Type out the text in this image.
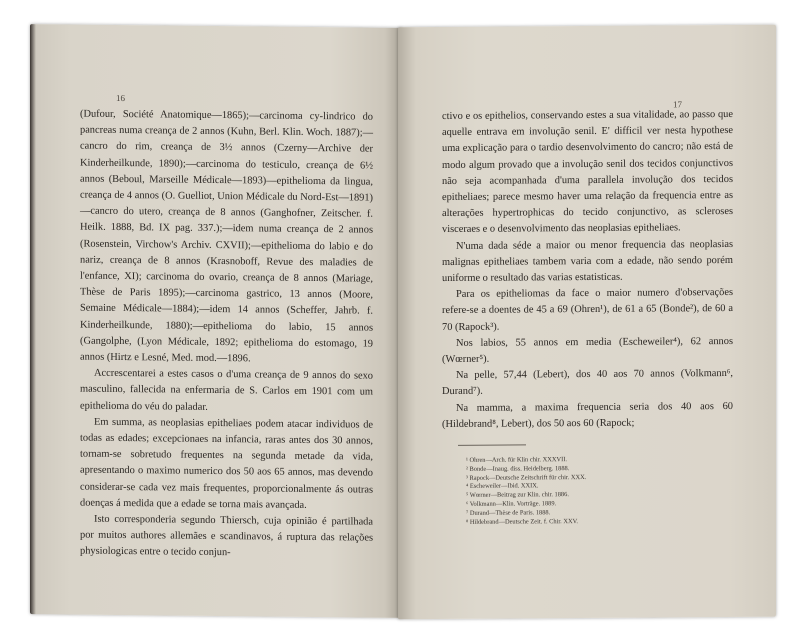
16

(Dufour, Société Anatomique—1865);—carcinoma cy-lindrico do pancreas numa creança de 2 annos (Kuhn, Berl. Klin. Woch. 1887);—cancro do rim, creança de 3½ annos (Czerny—Archive der Kinderheilkunde, 1890);—carcinoma do testiculo, creança de 6½ annos (Beboul, Marseille Médicale—1893)—epithelioma da lingua, creança de 4 annos (O. Guelliot, Union Médicale du Nord-Est—1891)—cancro do utero, creança de 8 annos (Ganghofner, Zeitscher. f. Heilk. 1888, Bd. IX pag. 337.);—idem numa creança de 2 annos (Rosenstein, Virchow's Archiv. CXVII);—epithelioma do labio e do nariz, creança de 8 annos (Krasnoboff, Revue des maladies de l'enfance, XI); carcinoma do ovario, creança de 8 annos (Mariage, Thèse de Paris 1895);—carcinoma gastrico, 13 annos (Moore, Semaine Médicale—1884);—idem 14 annos (Scheffer, Jahrb. f. Kinderheilkunde, 1880);—epithelioma do labio, 15 annos (Gangolphe, (Lyon Médicale, 1892; epithelioma do estomago, 19 annos (Hirtz e Lesné, Med. mod.—1896.

Accrescentarei a estes casos o d'uma creança de 9 annos do sexo masculino, fallecida na enfermaria de S. Carlos em 1901 com um epithelioma do véu do paladar.

Em summa, as neoplasias epitheliaes podem atacar individuos de todas as edades; excepcionaes na infancia, raras antes dos 30 annos, tornam-se sobretudo frequentes na segunda metade da vida, apresentando o maximo numerico dos 50 aos 65 annos, mas devendo considerar-se cada vez mais frequentes, proporcionalmente ás outras doenças á medida que a edade se torna mais avançada.

Isto corresponderia segundo Thiersch, cuja opinião é partilhada por muitos authores allemães e scandinavos, á ruptura das relações physiologicas entre o tecido conjun-

17

ctivo e os epithelios, conservando estes a sua vitalidade, ao passo que aquelle entrava em involução senil. E' difficil ver nesta hypothese uma explicação para o tardio desenvolvimento do cancro; não está de modo algum provado que a involução senil dos tecidos conjunctivos não seja acompanhada d'uma parallela involução dos tecidos epitheliaes; parece mesmo haver uma relação da frequencia entre as alterações hypertrophicas do tecido conjunctivo, as scleroses visceraes e o desenvolvimento das neoplasias epitheliaes.

N'uma dada séde a maior ou menor frequencia das neoplasias malignas epitheliaes tambem varia com a edade, não sendo porém uniforme o resultado das varias estatisticas.

Para os epitheliomas da face o maior numero d'observações refere-se a doentes de 45 a 69 (Ohren¹), de 61 a 65 (Bonde²), de 60 a 70 (Rapock³).

Nos labios, 55 annos em media (Escheweiler⁴), 62 annos (Wœrner⁵).

Na pelle, 57,44 (Lebert), dos 40 aos 70 annos (Volkmann⁶, Durand⁷).

Na mamma, a maxima frequencia seria dos 40 aos 60 (Hildebrand⁸, Lebert), dos 50 aos 60 (Rapock;

¹ Ohren—Arch. für Klin chir. XXXVII.
² Bonde—Inaug. diss. Heidelberg. 1888.
³ Rapock—Deutsche Zeitschrift für chir. XXX.
⁴ Escheweiler—Ibid. XXIX.
⁵ Wœrner—Beitrag zur Klin. chir. 1886.
⁶ Volkmann—Klin. Vorträge. 1889.
⁷ Durand—Thèse de Paris. 1888.
⁸ Hildebrand—Deutsche Zeit. f. Chir. XXV.
